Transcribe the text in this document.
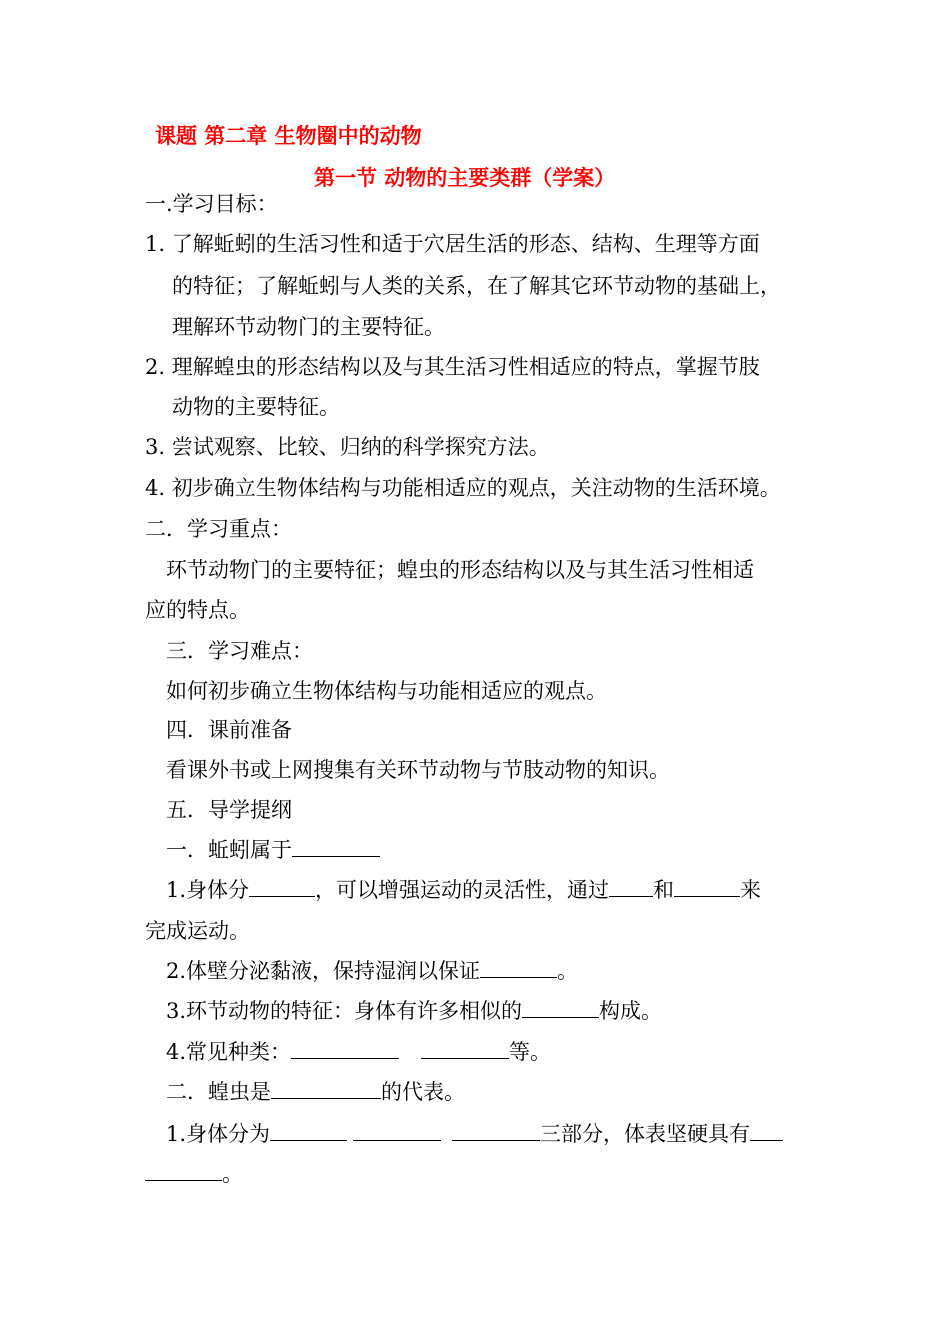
课题 第二章 生物圈中的动物
第一节 动物的主要类群（学案）
一.学习目标：
1. 了解蚯蚓的生活习性和适于穴居生活的形态、结构、生理等方面
的特征；了解蚯蚓与人类的关系，在了解其它环节动物的基础上，
理解环节动物门的主要特征。
2. 理解蝗虫的形态结构以及与其生活习性相适应的特点，掌握节肢
动物的主要特征。
3. 尝试观察、比较、归纳的科学探究方法。
4. 初步确立生物体结构与功能相适应的观点，关注动物的生活环境。
二．学习重点：
环节动物门的主要特征；蝗虫的形态结构以及与其生活习性相适
应的特点。
三．学习难点：
如何初步确立生物体结构与功能相适应的观点。
四．课前准备
看课外书或上网搜集有关环节动物与节肢动物的知识。
五．导学提纲
一．蚯蚓属于
1.身体分	，可以增强运动的灵活性，通过 和	来
完成运动。
2.体壁分泌黏液，保持湿润以保证	。
3.环节动物的特征：身体有许多相似的	构成。
4.常见种类：	等。
二．蝗虫是	的代表。
1.身体分为	三部分，体表坚硬具有
。
